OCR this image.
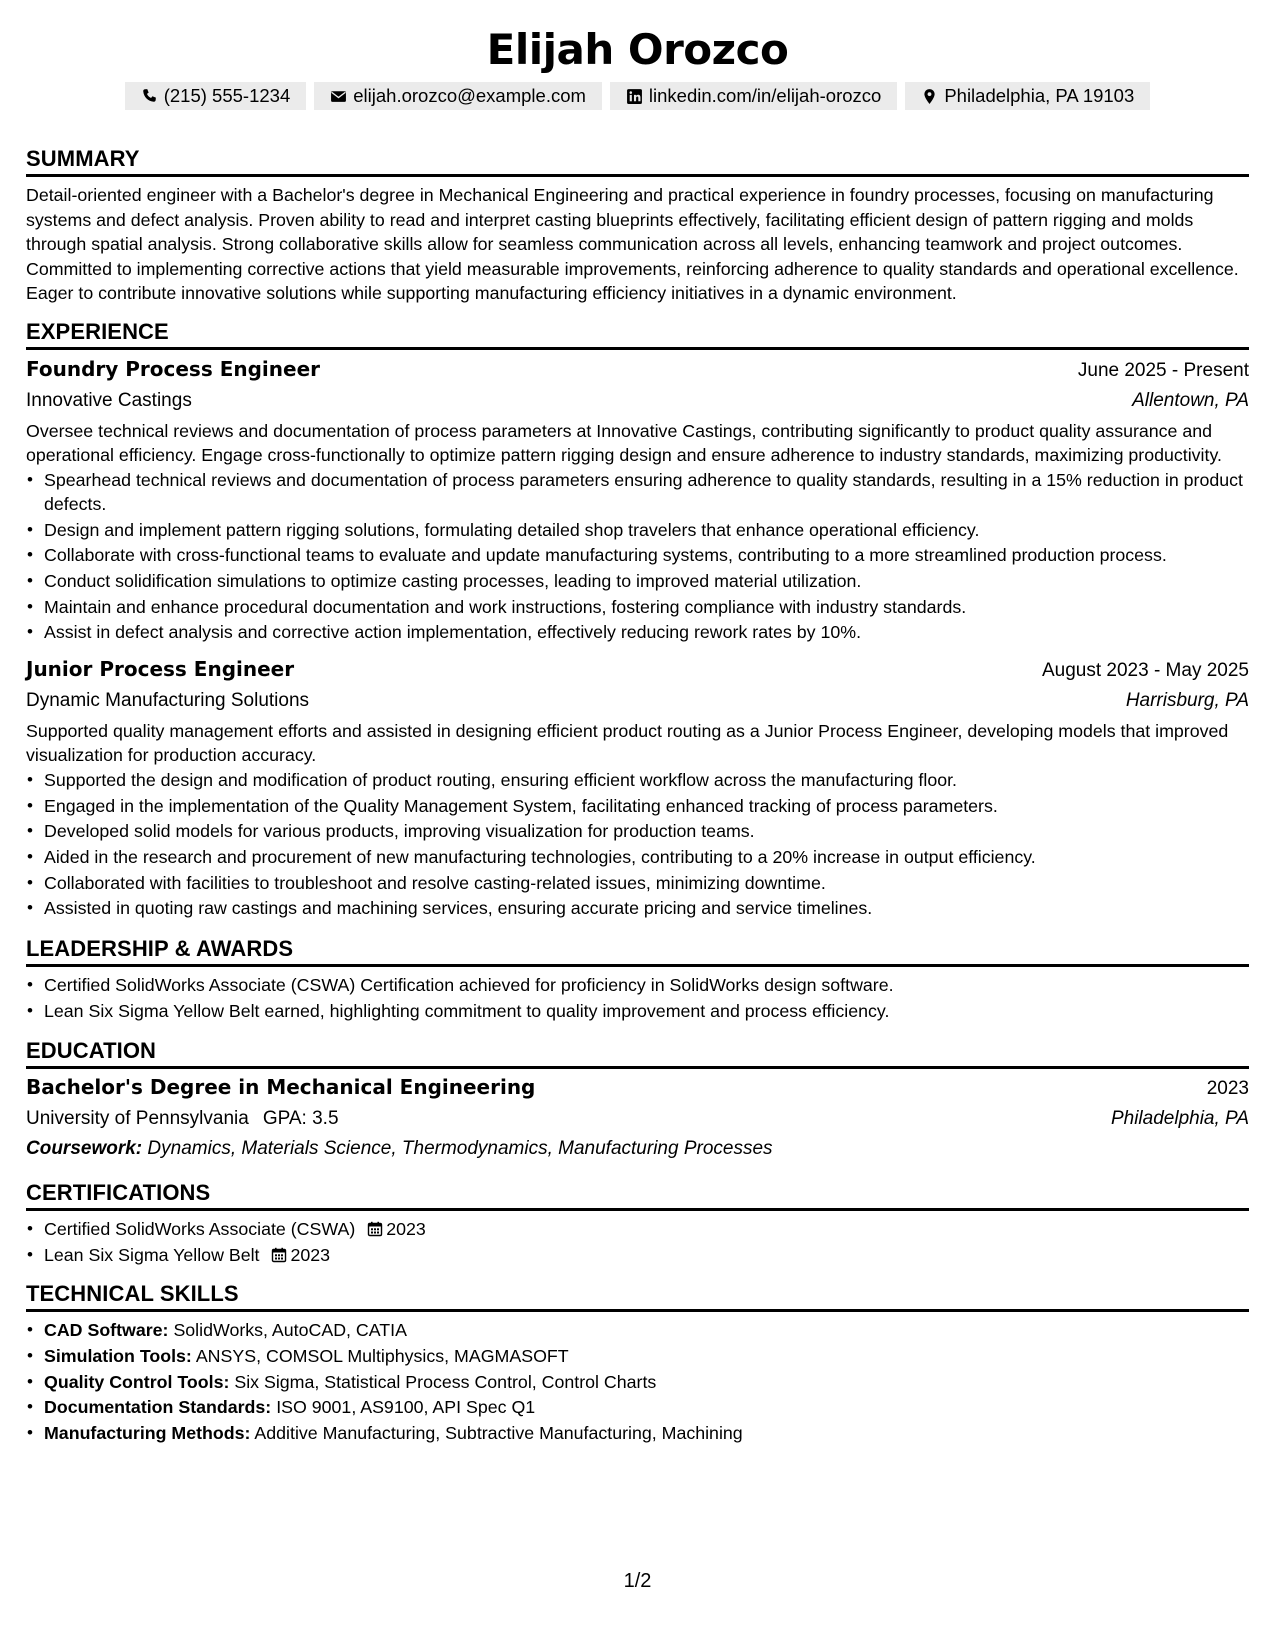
Elijah Orozco
(215) 555-1234	elijah.orozco@example.com	linkedin.com/in/elijah-orozco	Philadelphia, PA 19103
SUMMARY

Detail-oriented engineer with a Bachelor's degree in Mechanical Engineering and practical experience in foundry processes, focusing on manufacturing systems and defect analysis. Proven ability to read and interpret casting blueprints effectively, facilitating efficient design of pattern rigging and molds through spatial analysis. Strong collaborative skills allow for seamless communication across all levels, enhancing teamwork and project outcomes. Committed to implementing corrective actions that yield measurable improvements, reinforcing adherence to quality standards and operational excellence. Eager to contribute innovative solutions while supporting manufacturing efficiency initiatives in a dynamic environment.

EXPERIENCE
Foundry Process Engineer	June 2025 - Present
Innovative Castings	Allentown, PA

Oversee technical reviews and documentation of process parameters at Innovative Castings, contributing significantly to product quality assurance and operational efficiency. Engage cross-functionally to optimize pattern rigging design and ensure adherence to industry standards, maximizing productivity.

• Spearhead technical reviews and documentation of process parameters ensuring adherence to quality standards, resulting in a 15% reduction in product defects.
• Design and implement pattern rigging solutions, formulating detailed shop travelers that enhance operational efficiency.
• Collaborate with cross-functional teams to evaluate and update manufacturing systems, contributing to a more streamlined production process.
• Conduct solidification simulations to optimize casting processes, leading to improved material utilization.
• Maintain and enhance procedural documentation and work instructions, fostering compliance with industry standards.
• Assist in defect analysis and corrective action implementation, effectively reducing rework rates by 10%.
Junior Process Engineer	August 2023 - May 2025
Dynamic Manufacturing Solutions	Harrisburg, PA

Supported quality management efforts and assisted in designing efficient product routing as a Junior Process Engineer, developing models that improved visualization for production accuracy.

• Supported the design and modification of product routing, ensuring efficient workflow across the manufacturing floor.
• Engaged in the implementation of the Quality Management System, facilitating enhanced tracking of process parameters.
• Developed solid models for various products, improving visualization for production teams.
• Aided in the research and procurement of new manufacturing technologies, contributing to a 20% increase in output efficiency.
• Collaborated with facilities to troubleshoot and resolve casting-related issues, minimizing downtime.
• Assisted in quoting raw castings and machining services, ensuring accurate pricing and service timelines.
LEADERSHIP & AWARDS
• Certified SolidWorks Associate (CSWA) Certification achieved for proficiency in SolidWorks design software.
• Lean Six Sigma Yellow Belt earned, highlighting commitment to quality improvement and process efficiency.
EDUCATION
Bachelor's Degree in Mechanical Engineering	2023
University of Pennsylvania GPA: 3.5	Philadelphia, PA
Coursework: Dynamics, Materials Science, Thermodynamics, Manufacturing Processes
CERTIFICATIONS
• Certified SolidWorks Associate (CSWA) 2023
• Lean Six Sigma Yellow Belt 2023
TECHNICAL SKILLS
• CAD Software: SolidWorks, AutoCAD, CATIA
• Simulation Tools: ANSYS, COMSOL Multiphysics, MAGMASOFT
• Quality Control Tools: Six Sigma, Statistical Process Control, Control Charts
• Documentation Standards: ISO 9001, AS9100, API Spec Q1
• Manufacturing Methods: Additive Manufacturing, Subtractive Manufacturing, Machining
1/2
